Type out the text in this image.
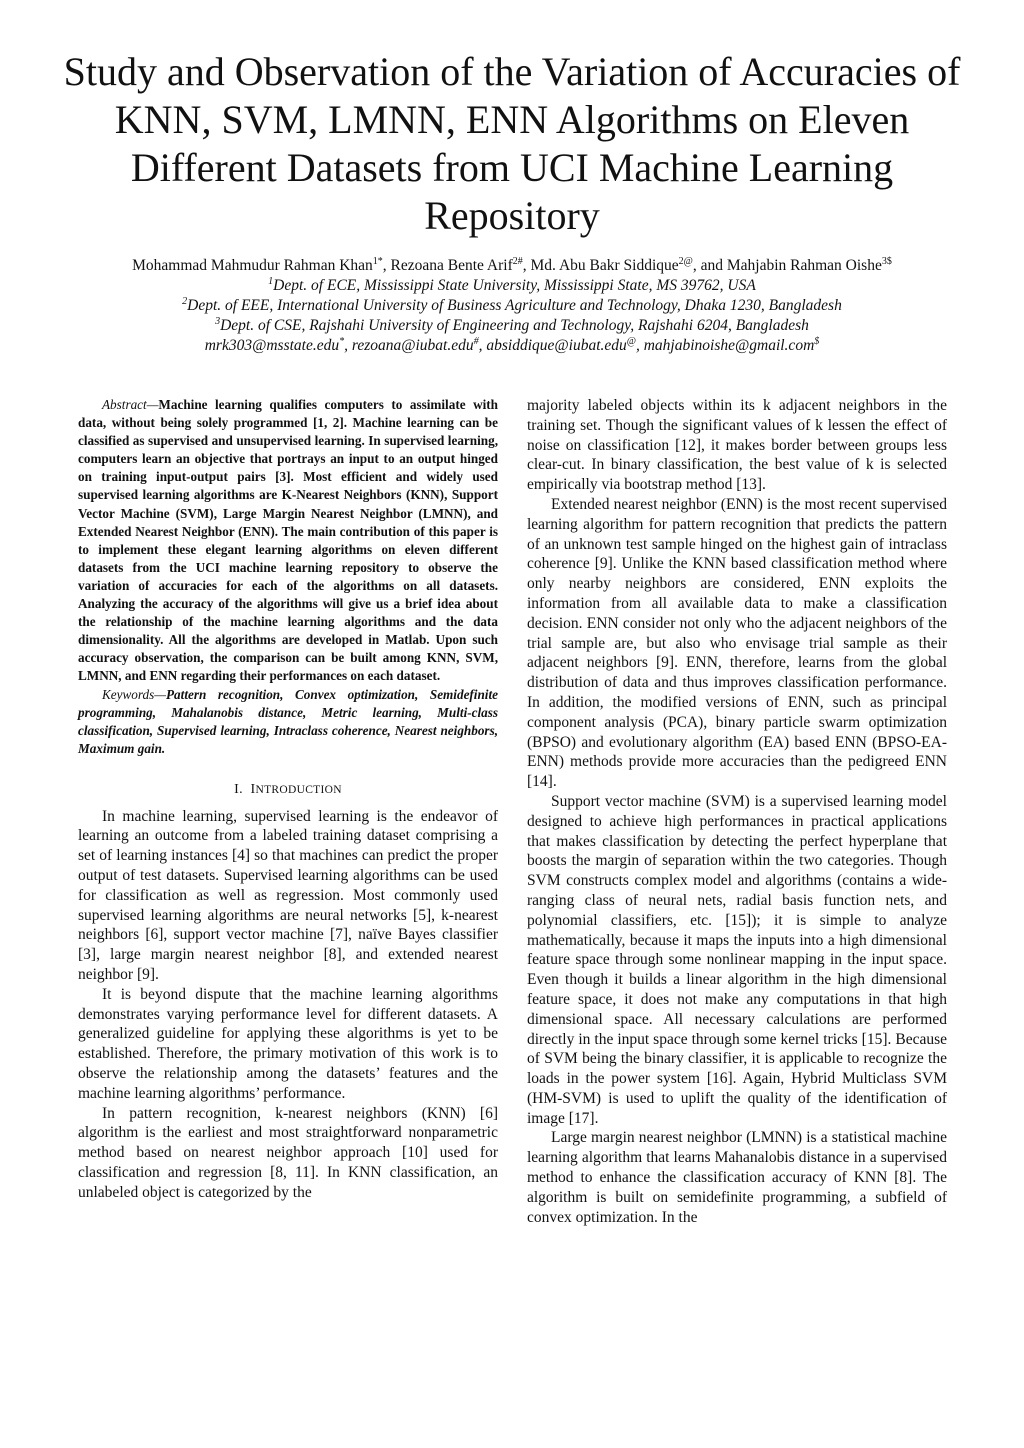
Study and Observation of the Variation of Accuracies of KNN, SVM, LMNN, ENN Algorithms on Eleven Different Datasets from UCI Machine Learning Repository
Mohammad Mahmudur Rahman Khan$^{1*}$, Rezoana Bente Arif$^{2\#}$, Md. Abu Bakr Siddique$^{2@}$, and Mahjabin Rahman Oishe$^{3\$}$
$^1$Dept. of ECE, Mississippi State University, Mississippi State, MS 39762, USA
$^2$Dept. of EEE, International University of Business Agriculture and Technology, Dhaka 1230, Bangladesh
$^3$Dept. of CSE, Rajshahi University of Engineering and Technology, Rajshahi 6204, Bangladesh
mrk303@msstate.edu*, rezoana@iubat.edu#, absiddique@iubat.edu@, mahjabinoishe@gmail.com$

Abstract—Machine learning qualifies computers to assimilate with data, without being solely programmed [1, 2]. Machine learning can be classified as supervised and unsupervised learning. In supervised learning, computers learn an objective that portrays an input to an output hinged on training input-output pairs [3]. Most efficient and widely used supervised learning algorithms are K-Nearest Neighbors (KNN), Support Vector Machine (SVM), Large Margin Nearest Neighbor (LMNN), and Extended Nearest Neighbor (ENN). The main contribution of this paper is to implement these elegant learning algorithms on eleven different datasets from the UCI machine learning repository to observe the variation of accuracies for each of the algorithms on all datasets. Analyzing the accuracy of the algorithms will give us a brief idea about the relationship of the machine learning algorithms and the data dimensionality. All the algorithms are developed in Matlab. Upon such accuracy observation, the comparison can be built among KNN, SVM, LMNN, and ENN regarding their performances on each dataset.

Keywords—Pattern recognition, Convex optimization, Semidefinite programming, Mahalanobis distance, Metric learning, Multi-class classification, Supervised learning, Intraclass coherence, Nearest neighbors, Maximum gain.

I. INTRODUCTION

In machine learning, supervised learning is the endeavor of learning an outcome from a labeled training dataset comprising a set of learning instances [4] so that machines can predict the proper output of test datasets. Supervised learning algorithms can be used for classification as well as regression. Most commonly used supervised learning algorithms are neural networks [5], k-nearest neighbors [6], support vector machine [7], naïve Bayes classifier [3], large margin nearest neighbor [8], and extended nearest neighbor [9].

It is beyond dispute that the machine learning algorithms demonstrates varying performance level for different datasets. A generalized guideline for applying these algorithms is yet to be established. Therefore, the primary motivation of this work is to observe the relationship among the datasets’ features and the machine learning algorithms’ performance.

In pattern recognition, k-nearest neighbors (KNN) [6] algorithm is the earliest and most straightforward nonparametric method based on nearest neighbor approach [10] used for classification and regression [8, 11]. In KNN classification, an unlabeled object is categorized by the

majority labeled objects within its k adjacent neighbors in the training set. Though the significant values of k lessen the effect of noise on classification [12], it makes border between groups less clear-cut. In binary classification, the best value of k is selected empirically via bootstrap method [13].

Extended nearest neighbor (ENN) is the most recent supervised learning algorithm for pattern recognition that predicts the pattern of an unknown test sample hinged on the highest gain of intraclass coherence [9]. Unlike the KNN based classification method where only nearby neighbors are considered, ENN exploits the information from all available data to make a classification decision. ENN consider not only who the adjacent neighbors of the trial sample are, but also who envisage trial sample as their adjacent neighbors [9]. ENN, therefore, learns from the global distribution of data and thus improves classification performance. In addition, the modified versions of ENN, such as principal component analysis (PCA), binary particle swarm optimization (BPSO) and evolutionary algorithm (EA) based ENN (BPSO-EA-ENN) methods provide more accuracies than the pedigreed ENN [14].

Support vector machine (SVM) is a supervised learning model designed to achieve high performances in practical applications that makes classification by detecting the perfect hyperplane that boosts the margin of separation within the two categories. Though SVM constructs complex model and algorithms (contains a wide-ranging class of neural nets, radial basis function nets, and polynomial classifiers, etc. [15]); it is simple to analyze mathematically, because it maps the inputs into a high dimensional feature space through some nonlinear mapping in the input space. Even though it builds a linear algorithm in the high dimensional feature space, it does not make any computations in that high dimensional space. All necessary calculations are performed directly in the input space through some kernel tricks [15]. Because of SVM being the binary classifier, it is applicable to recognize the loads in the power system [16]. Again, Hybrid Multiclass SVM (HM-SVM) is used to uplift the quality of the identification of image [17].

Large margin nearest neighbor (LMNN) is a statistical machine learning algorithm that learns Mahanalobis distance in a supervised method to enhance the classification accuracy of KNN [8]. The algorithm is built on semidefinite programming, a subfield of convex optimization. In the
